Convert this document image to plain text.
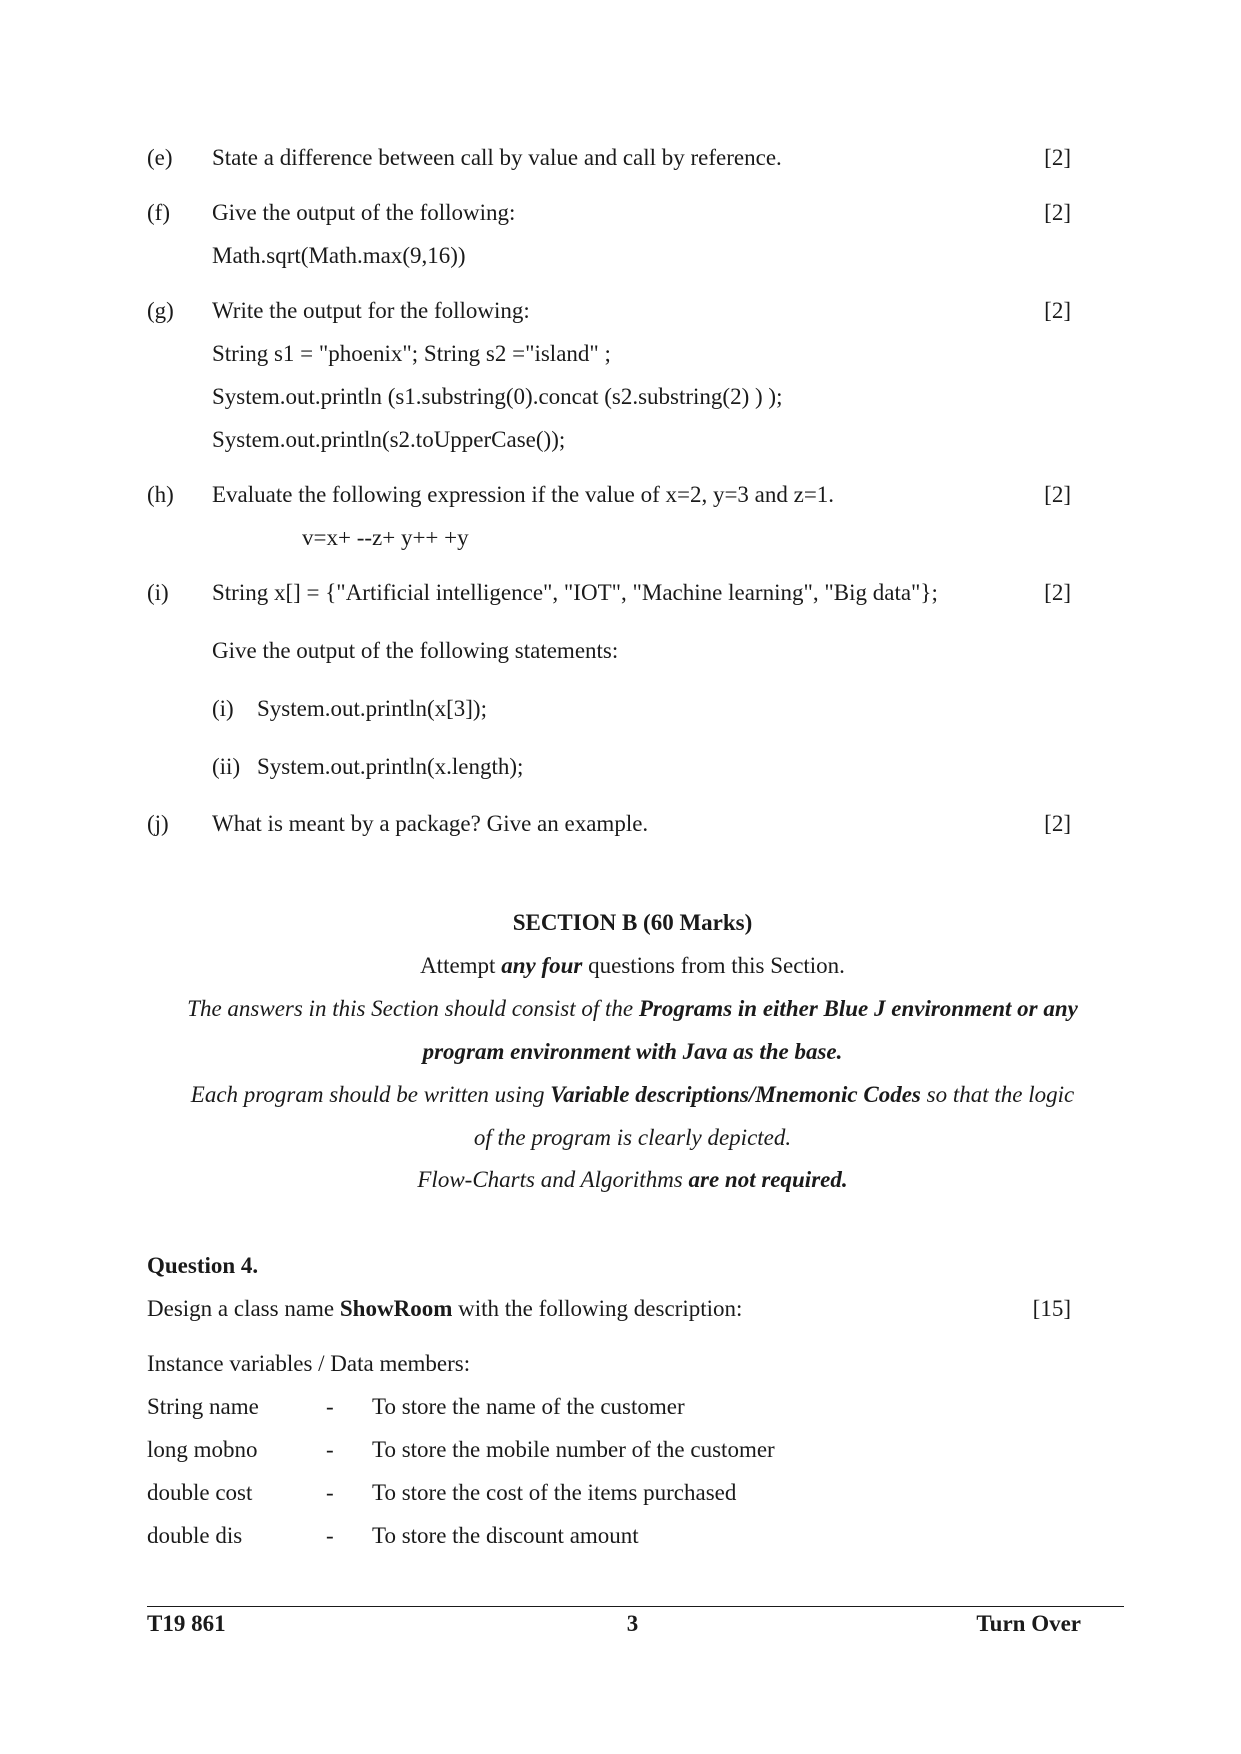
(e) State a difference between call by value and call by reference.	[2]
(f) Give the output of the following:	[2]
Math.sqrt(Math.max(9,16))
(g) Write the output for the following:	[2]
String s1 = "phoenix"; String s2 ="island" ;
System.out.println (s1.substring(0).concat (s2.substring(2) ) );
System.out.println(s2.toUpperCase());
(h) Evaluate the following expression if the value of x=2, y=3 and z=1.	[2]
v=x+ --z+ y++ +y
(i) String x[] = {"Artificial intelligence", "IOT", "Machine learning", "Big data"};	[2]
Give the output of the following statements:
(i) System.out.println(x[3]);
(ii) System.out.println(x.length);
(j) What is meant by a package? Give an example.	[2]
SECTION B (60 Marks)
Attempt any four questions from this Section.
The answers in this Section should consist of the Programs in either Blue J environment or any
program environment with Java as the base.
Each program should be written using Variable descriptions/Mnemonic Codes so that the logic
of the program is clearly depicted.
Flow-Charts and Algorithms are not required.
Question 4.
Design a class name ShowRoom with the following description:	[15]
Instance variables / Data members:
String name	- To store the name of the customer
long mobno	- To store the mobile number of the customer
double cost	- To store the cost of the items purchased
double dis	- To store the discount amount
T19 861	3	Turn Over
